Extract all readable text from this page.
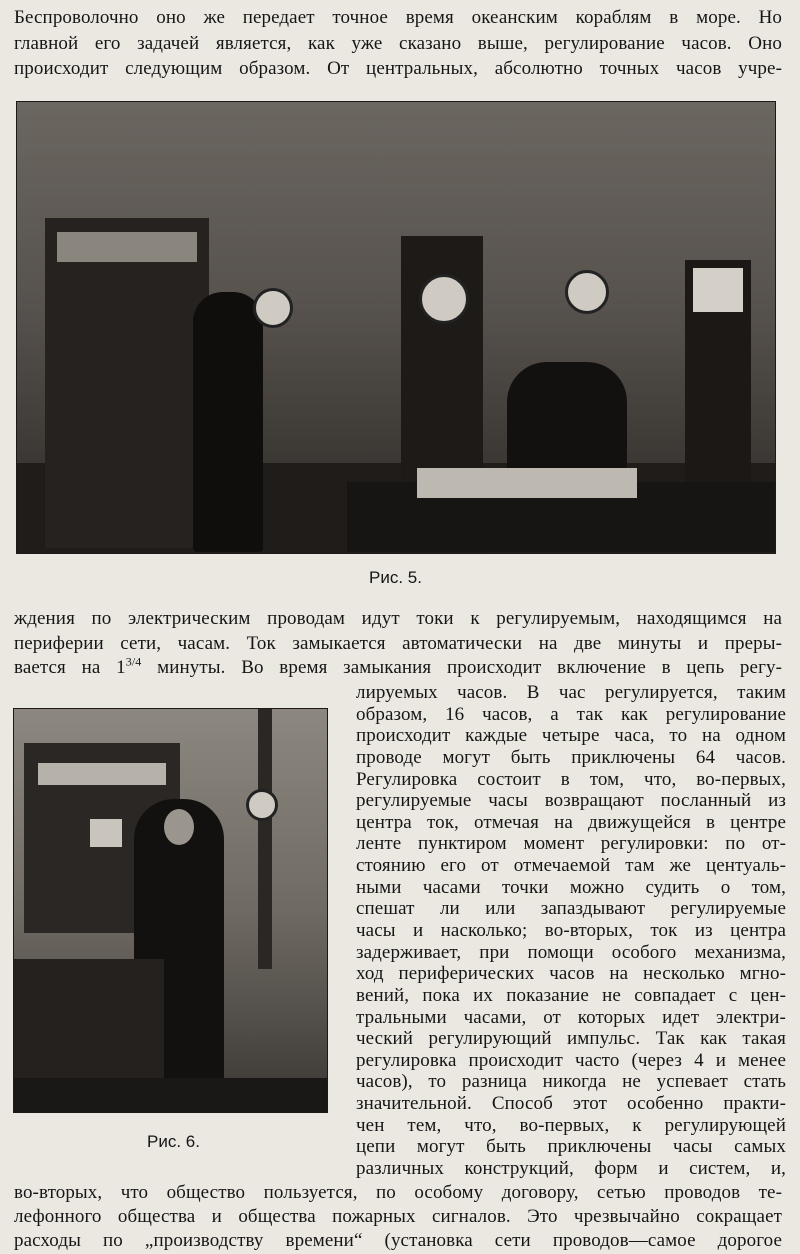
Беспроволочно оно же передает точное время океанским кораблям в море. Но
главной его задачей является, как уже сказано выше, регулирование часов. Оно
происходит следующим образом. От центральных, абсолютно точных часов учре-
Рис. 5.
ждения по электрическим проводам идут токи к регулируемым, находящимся на
периферии сети, часам. Ток замыкается автоматически на две минуты и преры-
вается на $1^{3/4}$ минуты. Во время замыкания происходит включение в цепь регу-
Рис. 6.
лируемых часов. В час регулируется, таким
образом, 16 часов, а так как регулирование
происходит каждые четыре часа, то на одном
проводе могут быть приключены 64 часов.
Регулировка состоит в том, что, во-первых,
регулируемые часы возвращают посланный из
центра ток, отмечая на движущейся в центре
ленте пунктиром момент регулировки: по от-
стоянию его от отмечаемой там же центуаль-
ными часами точки можно судить о том,
спешат ли или запаздывают регулируемые
часы и насколько; во-вторых, ток из центра
задерживает, при помощи особого механизма,
ход периферических часов на несколько мгно-
вений, пока их показание не совпадает с цен-
тральными часами, от которых идет электри-
ческий регулирующий импульс. Так как такая
регулировка происходит часто (через 4 и менее
часов), то разница никогда не успевает стать
значительной. Способ этот особенно практи-
чен тем, что, во-первых, к регулирующей
цепи могут быть приключены часы самых
во-вторых, что общество пользуется, по особому договору, сетью проводов те-
лефонного общества и общества пожарных сигналов. Это чрезвычайно сокращает
расходы по „производству времени“ (установка сети проводов—самое дорогое
различных конструкций, форм и систем, и,
